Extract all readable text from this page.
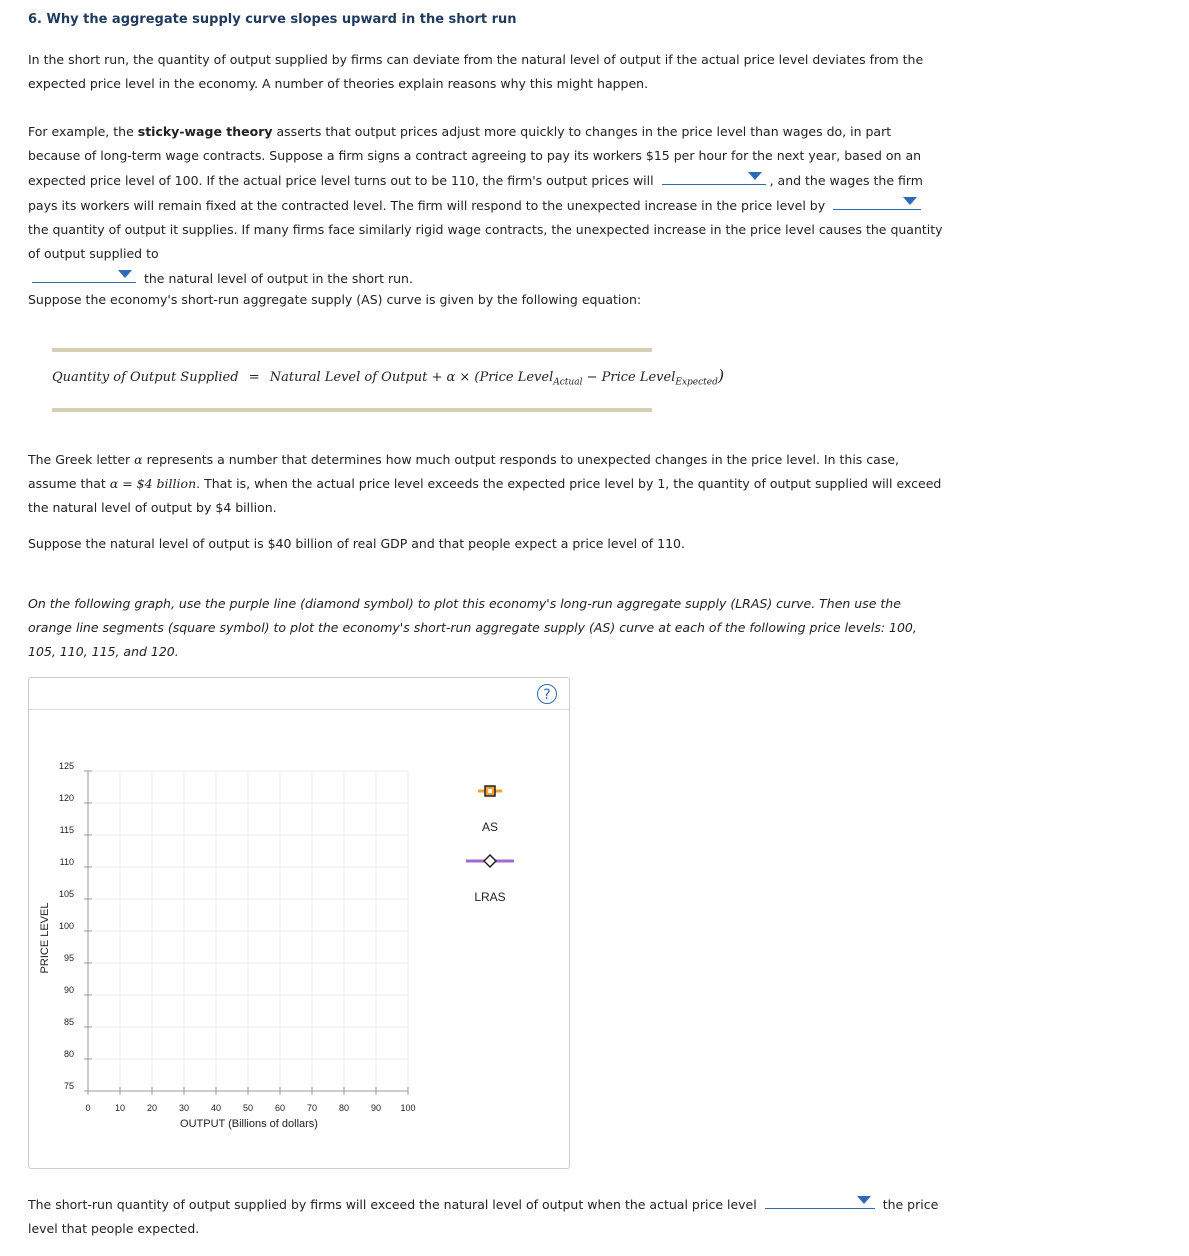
6. Why the aggregate supply curve slopes upward in the short run
In the short run, the quantity of output supplied by firms can deviate from the natural level of output if the actual price level deviates from the expected price level in the economy. A number of theories explain reasons why this might happen.
For example, the sticky-wage theory asserts that output prices adjust more quickly to changes in the price level than wages do, in part because of long-term wage contracts. Suppose a firm signs a contract agreeing to pay its workers $15 per hour for the next year, based on an expected price level of 100. If the actual price level turns out to be 110, the firm's output prices will	, and the wages the firm pays its workers will remain fixed at the contracted level. The firm will respond to the unexpected increase in the price level by
the quantity of output it supplies. If many firms face similarly rigid wage contracts, the unexpected increase in the price level causes the quantity of output supplied to

the natural level of output in the short run.
Suppose the economy's short-run aggregate supply (AS) curve is given by the following equation:
Quantity of Output Supplied = Natural Level of Output + α × (Price Level$_{Actual}$ − Price Level$_{Expected}$)
The Greek letter α represents a number that determines how much output responds to unexpected changes in the price level. In this case, assume that α = $4 billion. That is, when the actual price level exceeds the expected price level by 1, the quantity of output supplied will exceed the natural level of output by $4 billion.
Suppose the natural level of output is $40 billion of real GDP and that people expect a price level of 110.
On the following graph, use the purple line (diamond symbol) to plot this economy's long-run aggregate supply (LRAS) curve. Then use the orange line segments (square symbol) to plot the economy's short-run aggregate supply (AS) curve at each of the following price levels: 100, 105, 110, 115, and 120.
?
0	10 20 30 40 50 60 70 80 90 100
75
80
85
90
95
100
105
110
115
120
125
PRICE LEVEL
OUTPUT (Billions of dollars)
AS
LRAS
The short-run quantity of output supplied by firms will exceed the natural level of output when the actual price level	the price level that people expected.
